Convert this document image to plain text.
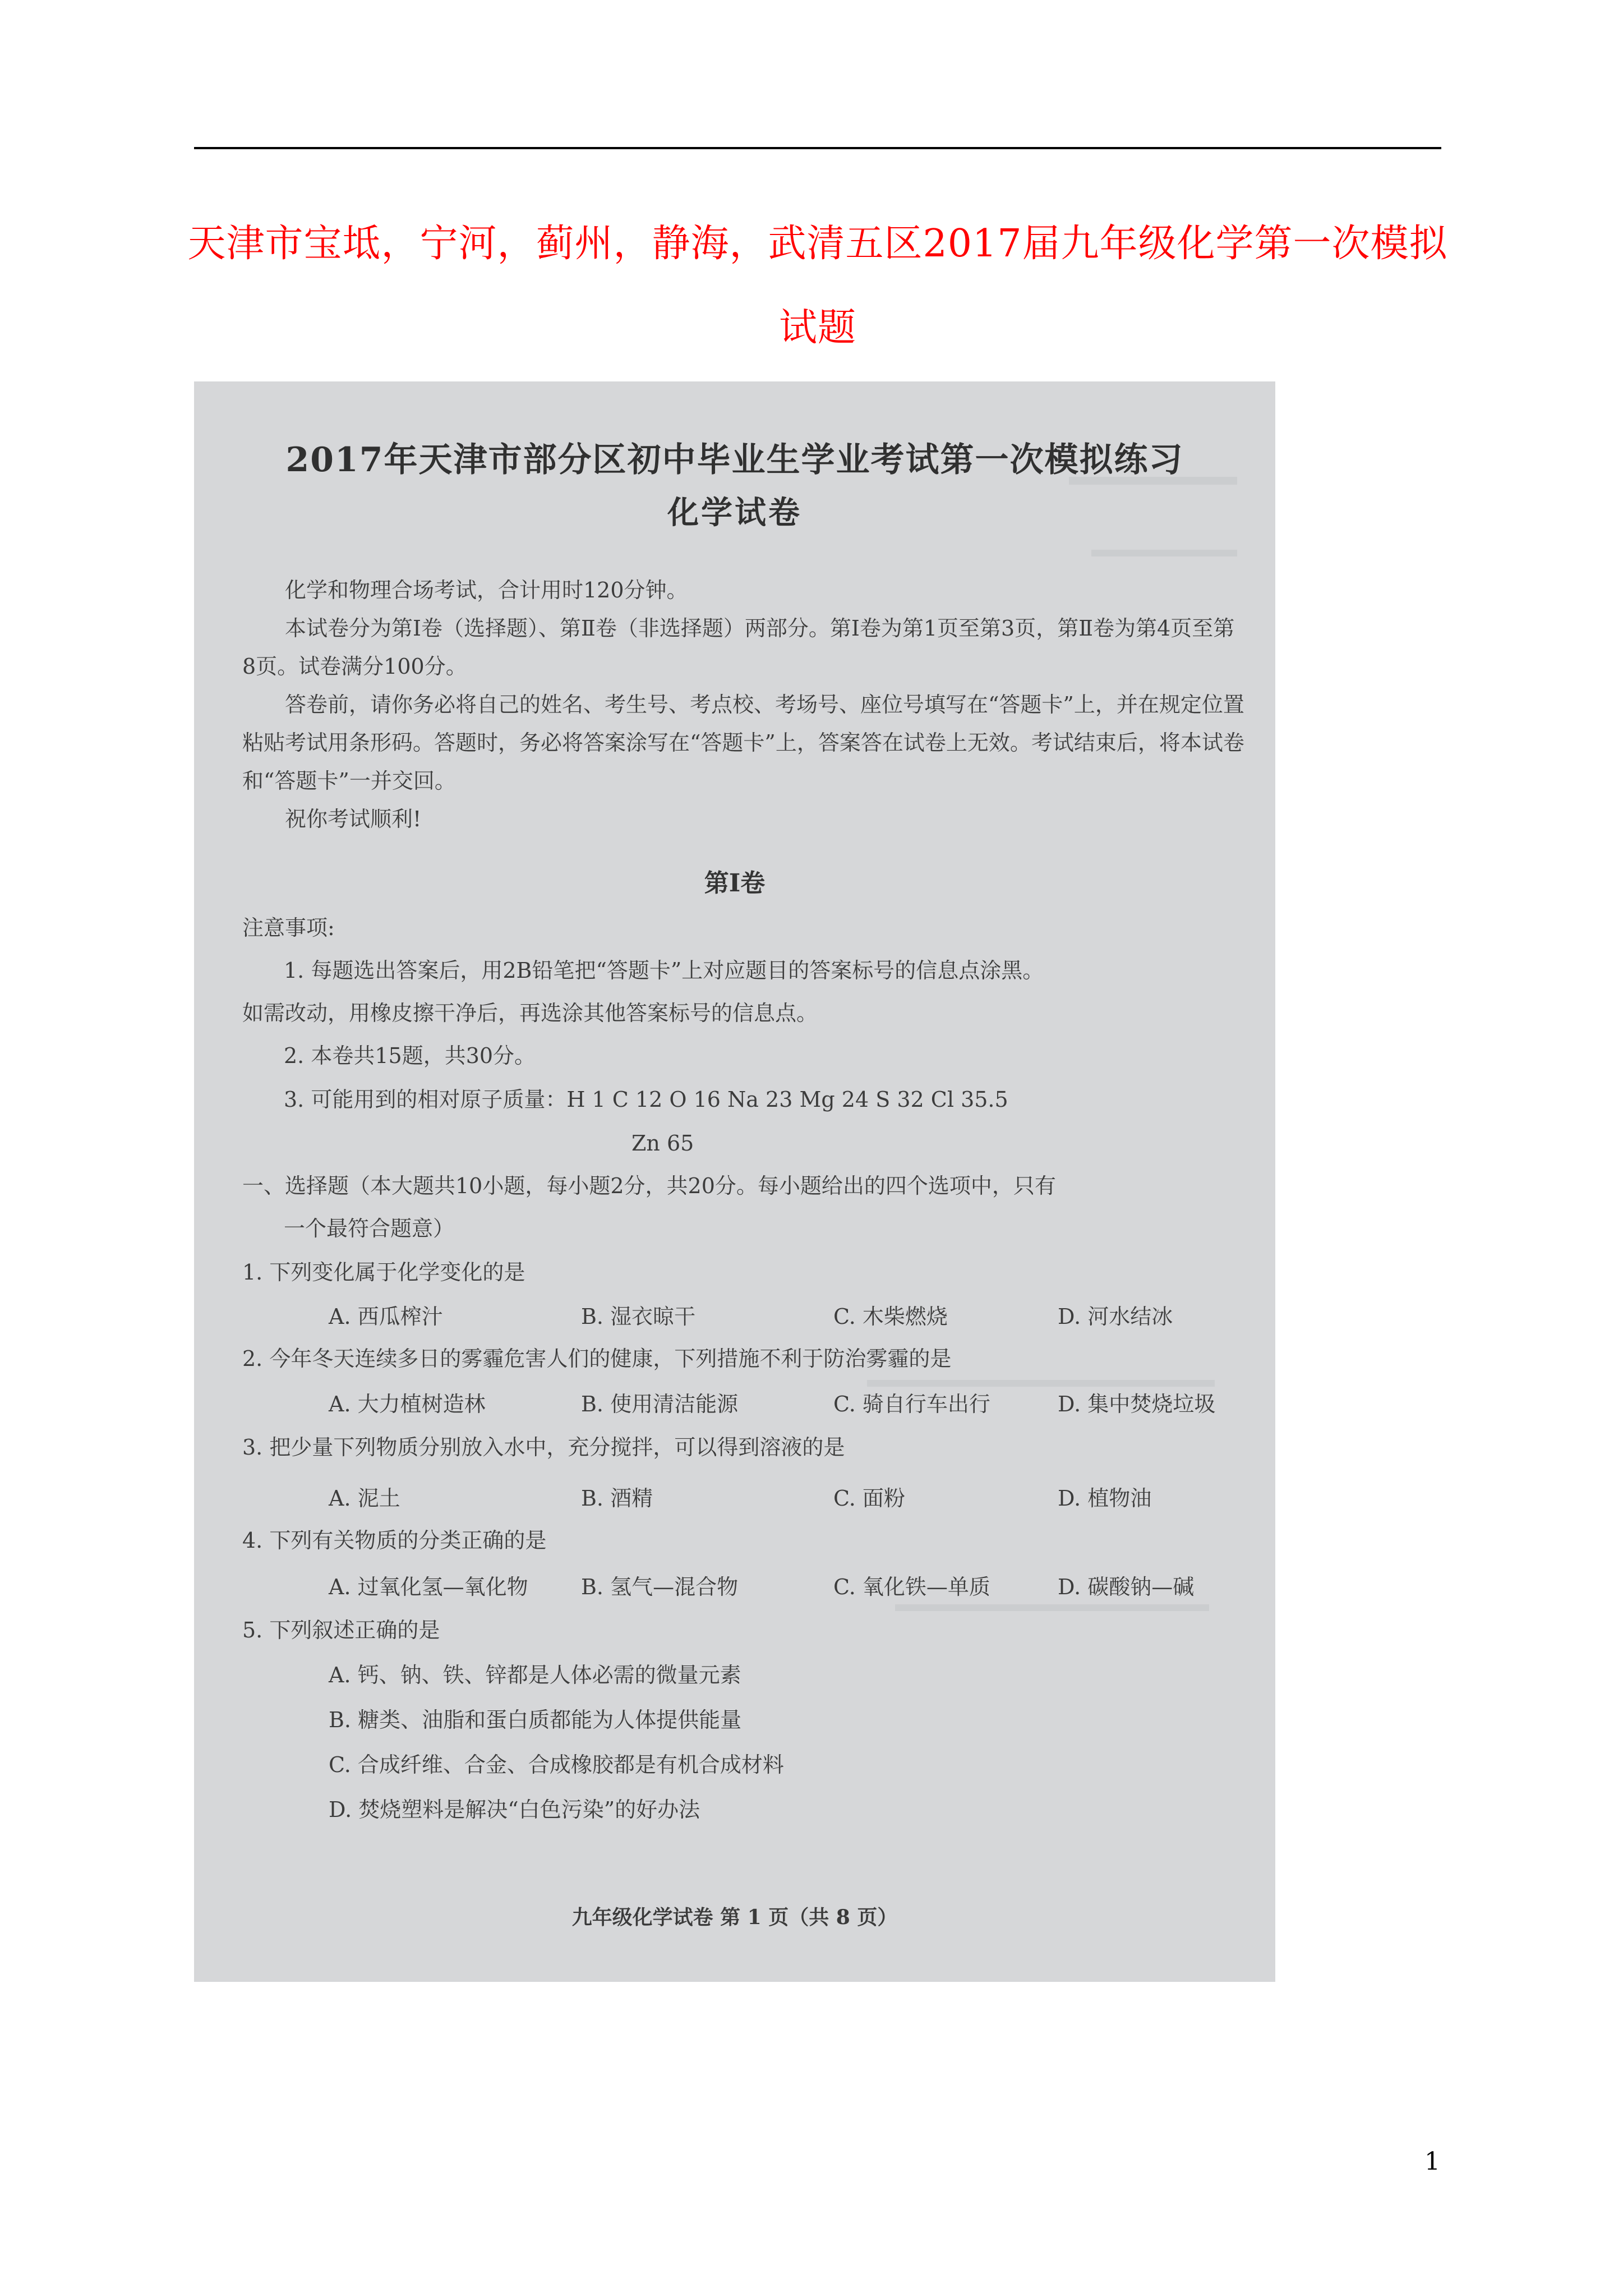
天津市宝坻，宁河，蓟州，静海，武清五区2017届九年级化学第一次模拟
试题
2017年天津市部分区初中毕业生学业考试第一次模拟练习
化学试卷
化学和物理合场考试，合计用时120分钟。
本试卷分为第Ⅰ卷（选择题）、第Ⅱ卷（非选择题）两部分。第Ⅰ卷为第1页至第3页，第Ⅱ卷为第4页至第8页。试卷满分100分。
答卷前，请你务必将自己的姓名、考生号、考点校、考场号、座位号填写在“答题卡”上，并在规定位置粘贴考试用条形码。答题时，务必将答案涂写在“答题卡”上，答案答在试卷上无效。考试结束后，将本试卷和“答题卡”一并交回。
祝你考试顺利!
第Ⅰ卷
注意事项:
1. 每题选出答案后，用2B铅笔把“答题卡”上对应题目的答案标号的信息点涂黑。
如需改动，用橡皮擦干净后，再选涂其他答案标号的信息点。
2. 本卷共15题，共30分。
3. 可能用到的相对原子质量：H 1 C 12 O 16 Na 23 Mg 24 S 32 Cl 35.5
Zn 65
一、选择题（本大题共10小题，每小题2分，共20分。每小题给出的四个选项中，只有
一个最符合题意）
1. 下列变化属于化学变化的是
A. 西瓜榨汁	B. 湿衣晾干	C. 木柴燃烧	D. 河水结冰
2. 今年冬天连续多日的雾霾危害人们的健康，下列措施不利于防治雾霾的是
A. 大力植树造林	B. 使用清洁能源	C. 骑自行车出行	D. 集中焚烧垃圾
3. 把少量下列物质分别放入水中，充分搅拌，可以得到溶液的是
A. 泥土	B. 酒精	C. 面粉	D. 植物油
4. 下列有关物质的分类正确的是
A. 过氧化氢—氧化物 B. 氢气—混合物	C. 氧化铁—单质	D. 碳酸钠—碱
5. 下列叙述正确的是
A. 钙、钠、铁、锌都是人体必需的微量元素
B. 糖类、油脂和蛋白质都能为人体提供能量
C. 合成纤维、合金、合成橡胶都是有机合成材料
D. 焚烧塑料是解决“白色污染”的好办法
九年级化学试卷 第 1 页（共 8 页）
1
